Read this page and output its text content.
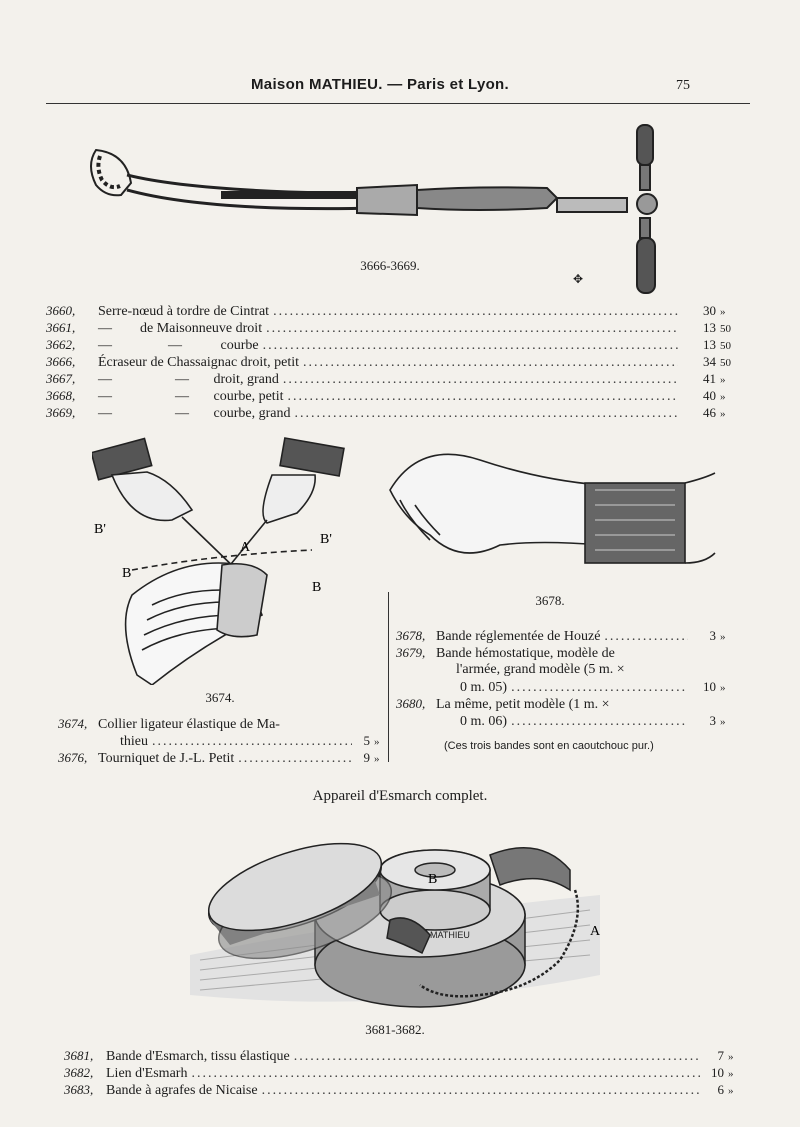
Maison MATHIEU. — Paris et Lyon.	75
3666-3669.
✥
3660,	Serre-nœud à tordre de Cintrat .....	30 »
3661,	—        de Maisonneuve droit .....	13 50
3662,	—                —           courbe .....	13 50
3666,	Écraseur de Chassaignac droit, petit .....	34 50
3667,	—                  —       droit, grand .....	41 »
3668,	—                  —       courbe, petit .....	40 »
3669,	—                  —       courbe, grand .....	46 »
B'
B'
A
B
B
3674.
3678.
3674, Collier ligateur élastique de Ma-
thieu .....	5 »
3676, Tourniquet de J.-L. Petit .....	9 »
3678, Bande réglementée de Houzé .....	3 »
3679, Bande hémostatique, modèle de
l'armée, grand modèle (5 m. ×
0 m. 05) .....	10 »
3680, La même, petit modèle (1 m. ×
0 m. 06) .....	3 »
(Ces trois bandes sont en caoutchouc pur.)
Appareil d'Esmarch complet.
B
A
MATHIEU
3681-3682.
3681, Bande d'Esmarch, tissu élastique .....	7 »
3682, Lien d'Esmarh .....	10 »
3683, Bande à agrafes de Nicaise .....	6 »
